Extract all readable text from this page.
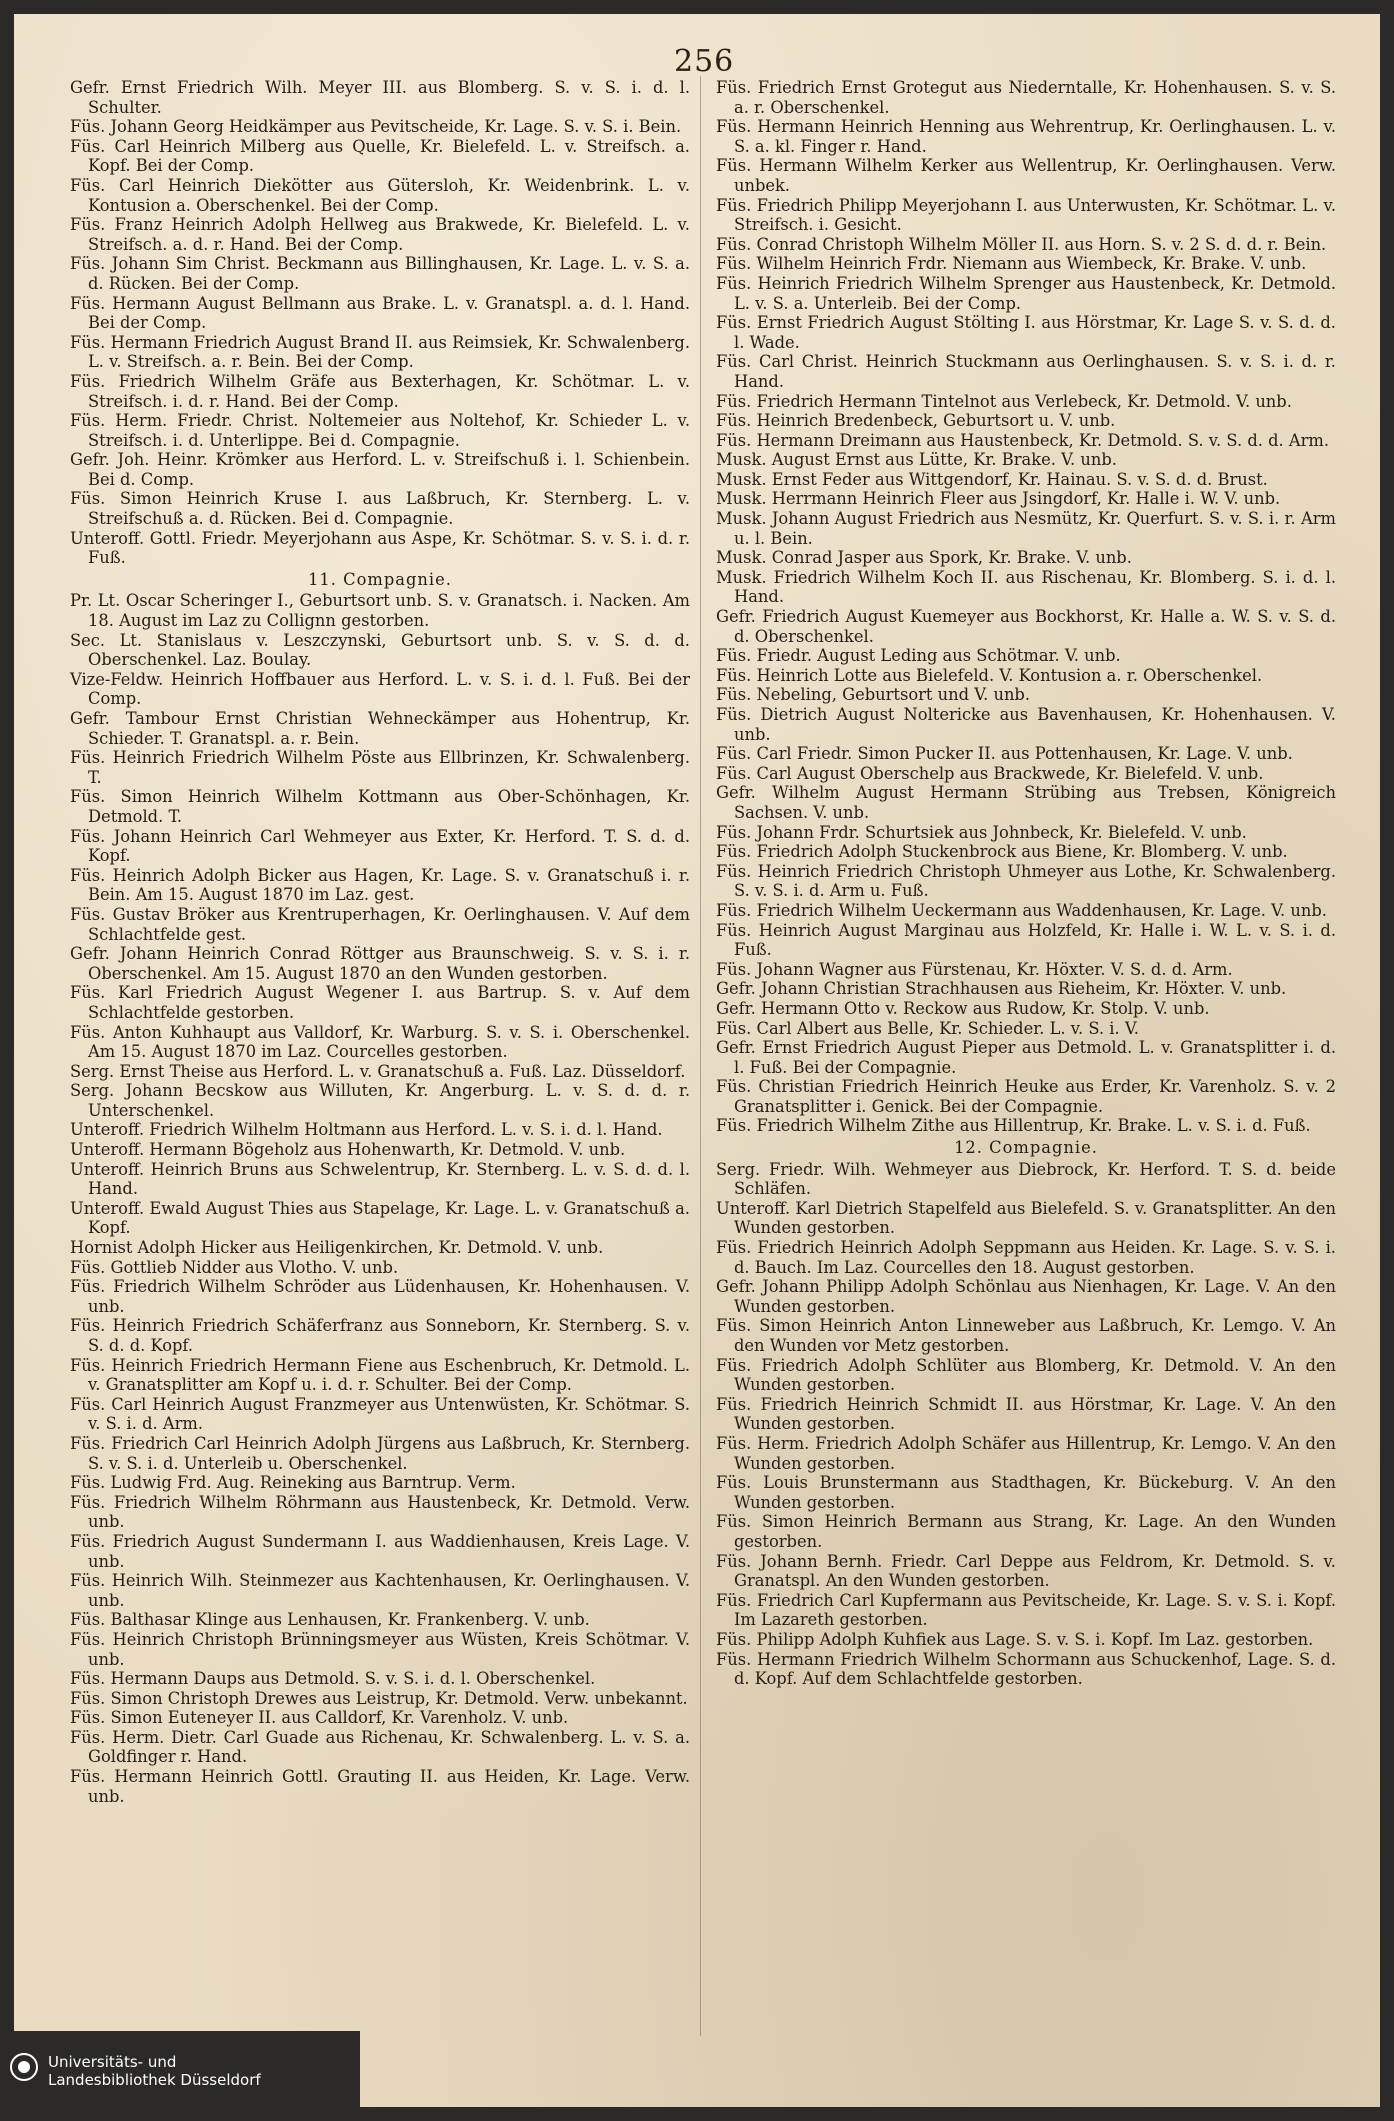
256

Gefr. Ernst Friedrich Wilh. Meyer III. aus Blomberg. S. v. S. i. d. l. Schulter.

Füs. Johann Georg Heidkämper aus Pevitscheide, Kr. Lage. S. v. S. i. Bein.

Füs. Carl Heinrich Milberg aus Quelle, Kr. Bielefeld. L. v. Streifsch. a. Kopf. Bei der Comp.

Füs. Carl Heinrich Diekötter aus Gütersloh, Kr. Weidenbrink. L. v. Kontusion a. Oberschenkel. Bei der Comp.

Füs. Franz Heinrich Adolph Hellweg aus Brakwede, Kr. Bielefeld. L. v. Streifsch. a. d. r. Hand. Bei der Comp.

Füs. Johann Sim Christ. Beckmann aus Billinghausen, Kr. Lage. L. v. S. a. d. Rücken. Bei der Comp.

Füs. Hermann August Bellmann aus Brake. L. v. Granatspl. a. d. l. Hand. Bei der Comp.

Füs. Hermann Friedrich August Brand II. aus Reimsiek, Kr. Schwalenberg. L. v. Streifsch. a. r. Bein. Bei der Comp.

Füs. Friedrich Wilhelm Gräfe aus Bexterhagen, Kr. Schötmar. L. v. Streifsch. i. d. r. Hand. Bei der Comp.

Füs. Herm. Friedr. Christ. Noltemeier aus Noltehof, Kr. Schieder L. v. Streifsch. i. d. Unterlippe. Bei d. Compagnie.

Gefr. Joh. Heinr. Krömker aus Herford. L. v. Streifschuß i. l. Schienbein. Bei d. Comp.

Füs. Simon Heinrich Kruse I. aus Laßbruch, Kr. Sternberg. L. v. Streifschuß a. d. Rücken. Bei d. Compagnie.

Unteroff. Gottl. Friedr. Meyerjohann aus Aspe, Kr. Schötmar. S. v. S. i. d. r. Fuß.

11. Compagnie.

Pr. Lt. Oscar Scheringer I., Geburtsort unb. S. v. Granatsch. i. Nacken. Am 18. August im Laz zu Collignn gestorben.

Sec. Lt. Stanislaus v. Leszczynski, Geburtsort unb. S. v. S. d. d. Oberschenkel. Laz. Boulay.

Vize-Feldw. Heinrich Hoffbauer aus Herford. L. v. S. i. d. l. Fuß. Bei der Comp.

Gefr. Tambour Ernst Christian Wehneckämper aus Hohentrup, Kr. Schieder. T. Granatspl. a. r. Bein.

Füs. Heinrich Friedrich Wilhelm Pöste aus Ellbrinzen, Kr. Schwalenberg. T.

Füs. Simon Heinrich Wilhelm Kottmann aus Ober-Schönhagen, Kr. Detmold. T.

Füs. Johann Heinrich Carl Wehmeyer aus Exter, Kr. Herford. T. S. d. d. Kopf.

Füs. Heinrich Adolph Bicker aus Hagen, Kr. Lage. S. v. Granatschuß i. r. Bein. Am 15. August 1870 im Laz. gest.

Füs. Gustav Bröker aus Krentruperhagen, Kr. Oerlinghausen. V. Auf dem Schlachtfelde gest.

Gefr. Johann Heinrich Conrad Röttger aus Braunschweig. S. v. S. i. r. Oberschenkel. Am 15. August 1870 an den Wunden gestorben.

Füs. Karl Friedrich August Wegener I. aus Bartrup. S. v. Auf dem Schlachtfelde gestorben.

Füs. Anton Kuhhaupt aus Valldorf, Kr. Warburg. S. v. S. i. Oberschenkel. Am 15. August 1870 im Laz. Courcelles gestorben.

Serg. Ernst Theise aus Herford. L. v. Granatschuß a. Fuß. Laz. Düsseldorf.

Serg. Johann Becskow aus Willuten, Kr. Angerburg. L. v. S. d. d. r. Unterschenkel.

Unteroff. Friedrich Wilhelm Holtmann aus Herford. L. v. S. i. d. l. Hand.

Unteroff. Hermann Bögeholz aus Hohenwarth, Kr. Detmold. V. unb.

Unteroff. Heinrich Bruns aus Schwelentrup, Kr. Sternberg. L. v. S. d. d. l. Hand.

Unteroff. Ewald August Thies aus Stapelage, Kr. Lage. L. v. Granatschuß a. Kopf.

Hornist Adolph Hicker aus Heiligenkirchen, Kr. Detmold. V. unb.

Füs. Gottlieb Nidder aus Vlotho. V. unb.

Füs. Friedrich Wilhelm Schröder aus Lüdenhausen, Kr. Hohenhausen. V. unb.

Füs. Heinrich Friedrich Schäferfranz aus Sonneborn, Kr. Sternberg. S. v. S. d. d. Kopf.

Füs. Heinrich Friedrich Hermann Fiene aus Eschenbruch, Kr. Detmold. L. v. Granatsplitter am Kopf u. i. d. r. Schulter. Bei der Comp.

Füs. Carl Heinrich August Franzmeyer aus Untenwüsten, Kr. Schötmar. S. v. S. i. d. Arm.

Füs. Friedrich Carl Heinrich Adolph Jürgens aus Laßbruch, Kr. Sternberg. S. v. S. i. d. Unterleib u. Oberschenkel.

Füs. Ludwig Frd. Aug. Reineking aus Barntrup. Verm.

Füs. Friedrich Wilhelm Röhrmann aus Haustenbeck, Kr. Detmold. Verw. unb.

Füs. Friedrich August Sundermann I. aus Waddienhausen, Kreis Lage. V. unb.

Füs. Heinrich Wilh. Steinmezer aus Kachtenhausen, Kr. Oerlinghausen. V. unb.

Füs. Balthasar Klinge aus Lenhausen, Kr. Frankenberg. V. unb.

Füs. Heinrich Christoph Brünningsmeyer aus Wüsten, Kreis Schötmar. V. unb.

Füs. Hermann Daups aus Detmold. S. v. S. i. d. l. Oberschenkel.

Füs. Simon Christoph Drewes aus Leistrup, Kr. Detmold. Verw. unbekannt.

Füs. Simon Euteneyer II. aus Calldorf, Kr. Varenholz. V. unb.

Füs. Herm. Dietr. Carl Guade aus Richenau, Kr. Schwalenberg. L. v. S. a. Goldfinger r. Hand.

Füs. Hermann Heinrich Gottl. Grauting II. aus Heiden, Kr. Lage. Verw. unb.

Füs. Friedrich Ernst Grotegut aus Niederntalle, Kr. Hohenhausen. S. v. S. a. r. Oberschenkel.

Füs. Hermann Heinrich Henning aus Wehrentrup, Kr. Oerlinghausen. L. v. S. a. kl. Finger r. Hand.

Füs. Hermann Wilhelm Kerker aus Wellentrup, Kr. Oerlinghausen. Verw. unbek.

Füs. Friedrich Philipp Meyerjohann I. aus Unterwusten, Kr. Schötmar. L. v. Streifsch. i. Gesicht.

Füs. Conrad Christoph Wilhelm Möller II. aus Horn. S. v. 2 S. d. d. r. Bein.

Füs. Wilhelm Heinrich Frdr. Niemann aus Wiembeck, Kr. Brake. V. unb.

Füs. Heinrich Friedrich Wilhelm Sprenger aus Haustenbeck, Kr. Detmold. L. v. S. a. Unterleib. Bei der Comp.

Füs. Ernst Friedrich August Stölting I. aus Hörstmar, Kr. Lage S. v. S. d. d. l. Wade.

Füs. Carl Christ. Heinrich Stuckmann aus Oerlinghausen. S. v. S. i. d. r. Hand.

Füs. Friedrich Hermann Tintelnot aus Verlebeck, Kr. Detmold. V. unb.

Füs. Heinrich Bredenbeck, Geburtsort u. V. unb.

Füs. Hermann Dreimann aus Haustenbeck, Kr. Detmold. S. v. S. d. d. Arm.

Musk. August Ernst aus Lütte, Kr. Brake. V. unb.

Musk. Ernst Feder aus Wittgendorf, Kr. Hainau. S. v. S. d. d. Brust.

Musk. Herrmann Heinrich Fleer aus Jsingdorf, Kr. Halle i. W. V. unb.

Musk. Johann August Friedrich aus Nesmütz, Kr. Querfurt. S. v. S. i. r. Arm u. l. Bein.

Musk. Conrad Jasper aus Spork, Kr. Brake. V. unb.

Musk. Friedrich Wilhelm Koch II. aus Rischenau, Kr. Blomberg. S. i. d. l. Hand.

Gefr. Friedrich August Kuemeyer aus Bockhorst, Kr. Halle a. W. S. v. S. d. d. Oberschenkel.

Füs. Friedr. August Leding aus Schötmar. V. unb.

Füs. Heinrich Lotte aus Bielefeld. V. Kontusion a. r. Oberschenkel.

Füs. Nebeling, Geburtsort und V. unb.

Füs. Dietrich August Noltericke aus Bavenhausen, Kr. Hohenhausen. V. unb.

Füs. Carl Friedr. Simon Pucker II. aus Pottenhausen, Kr. Lage. V. unb.

Füs. Carl August Oberschelp aus Brackwede, Kr. Bielefeld. V. unb.

Gefr. Wilhelm August Hermann Strübing aus Trebsen, Königreich Sachsen. V. unb.

Füs. Johann Frdr. Schurtsiek aus Johnbeck, Kr. Bielefeld. V. unb.

Füs. Friedrich Adolph Stuckenbrock aus Biene, Kr. Blomberg. V. unb.

Füs. Heinrich Friedrich Christoph Uhmeyer aus Lothe, Kr. Schwalenberg. S. v. S. i. d. Arm u. Fuß.

Füs. Friedrich Wilhelm Ueckermann aus Waddenhausen, Kr. Lage. V. unb.

Füs. Heinrich August Marginau aus Holzfeld, Kr. Halle i. W. L. v. S. i. d. Fuß.

Füs. Johann Wagner aus Fürstenau, Kr. Höxter. V. S. d. d. Arm.

Gefr. Johann Christian Strachhausen aus Rieheim, Kr. Höxter. V. unb.

Gefr. Hermann Otto v. Reckow aus Rudow, Kr. Stolp. V. unb.

Füs. Carl Albert aus Belle, Kr. Schieder. L. v. S. i. V.

Gefr. Ernst Friedrich August Pieper aus Detmold. L. v. Granatsplitter i. d. l. Fuß. Bei der Compagnie.

Füs. Christian Friedrich Heinrich Heuke aus Erder, Kr. Varenholz. S. v. 2 Granatsplitter i. Genick. Bei der Compagnie.

Füs. Friedrich Wilhelm Zithe aus Hillentrup, Kr. Brake. L. v. S. i. d. Fuß.

12. Compagnie.

Serg. Friedr. Wilh. Wehmeyer aus Diebrock, Kr. Herford. T. S. d. beide Schläfen.

Unteroff. Karl Dietrich Stapelfeld aus Bielefeld. S. v. Granatsplitter. An den Wunden gestorben.

Füs. Friedrich Heinrich Adolph Seppmann aus Heiden. Kr. Lage. S. v. S. i. d. Bauch. Im Laz. Courcelles den 18. August gestorben.

Gefr. Johann Philipp Adolph Schönlau aus Nienhagen, Kr. Lage. V. An den Wunden gestorben.

Füs. Simon Heinrich Anton Linneweber aus Laßbruch, Kr. Lemgo. V. An den Wunden vor Metz gestorben.

Füs. Friedrich Adolph Schlüter aus Blomberg, Kr. Detmold. V. An den Wunden gestorben.

Füs. Friedrich Heinrich Schmidt II. aus Hörstmar, Kr. Lage. V. An den Wunden gestorben.

Füs. Herm. Friedrich Adolph Schäfer aus Hillentrup, Kr. Lemgo. V. An den Wunden gestorben.

Füs. Louis Brunstermann aus Stadthagen, Kr. Bückeburg. V. An den Wunden gestorben.

Füs. Simon Heinrich Bermann aus Strang, Kr. Lage. An den Wunden gestorben.

Füs. Johann Bernh. Friedr. Carl Deppe aus Feldrom, Kr. Detmold. S. v. Granatspl. An den Wunden gestorben.

Füs. Friedrich Carl Kupfermann aus Pevitscheide, Kr. Lage. S. v. S. i. Kopf. Im Lazareth gestorben.

Füs. Philipp Adolph Kuhfiek aus Lage. S. v. S. i. Kopf. Im Laz. gestorben.

Füs. Hermann Friedrich Wilhelm Schormann aus Schuckenhof, Lage. S. d. d. Kopf. Auf dem Schlachtfelde gestorben.

Universitäts- und
Landesbibliothek Düsseldorf
